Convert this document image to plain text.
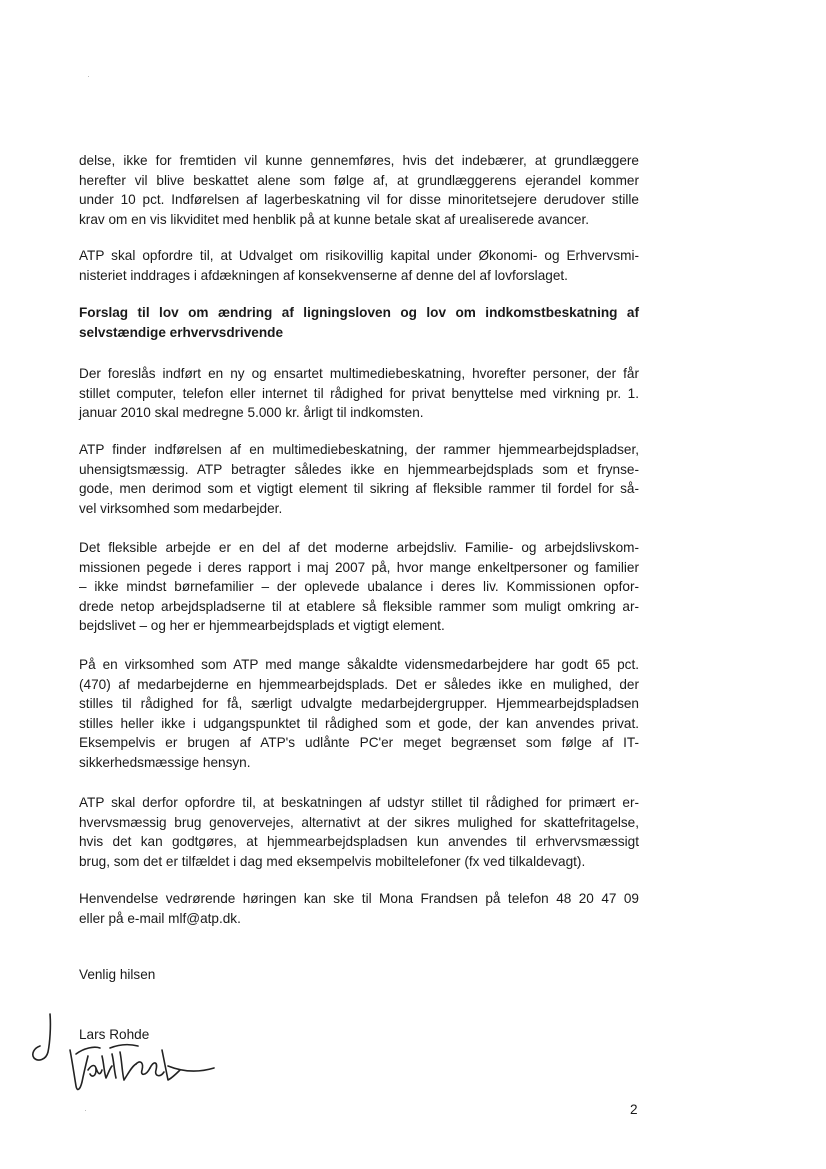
delse, ikke for fremtiden vil kunne gennemføres, hvis det indebærer, at grundlæggere
herefter vil blive beskattet alene som følge af, at grundlæggerens ejerandel kommer
under 10 pct. Indførelsen af lagerbeskatning vil for disse minoritetsejere derudover stille
krav om en vis likviditet med henblik på at kunne betale skat af urealiserede avancer.

ATP skal opfordre til, at Udvalget om risikovillig kapital under Økonomi- og Erhvervsmi-
nisteriet inddrages i afdækningen af konsekvenserne af denne del af lovforslaget.

Forslag til lov om ændring af ligningsloven og lov om indkomstbeskatning af
selvstændige erhvervsdrivende

Der foreslås indført en ny og ensartet multimediebeskatning, hvorefter personer, der får
stillet computer, telefon eller internet til rådighed for privat benyttelse med virkning pr. 1.
januar 2010 skal medregne 5.000 kr. årligt til indkomsten.

ATP finder indførelsen af en multimediebeskatning, der rammer hjemmearbejdspladser,
uhensigtsmæssig. ATP betragter således ikke en hjemmearbejdsplads som et frynse-
gode, men derimod som et vigtigt element til sikring af fleksible rammer til fordel for så-
vel virksomhed som medarbejder.

Det fleksible arbejde er en del af det moderne arbejdsliv. Familie- og arbejdslivskom-
missionen pegede i deres rapport i maj 2007 på, hvor mange enkeltpersoner og familier
– ikke mindst børnefamilier – der oplevede ubalance i deres liv. Kommissionen opfor-
drede netop arbejdspladserne til at etablere så fleksible rammer som muligt omkring ar-
bejdslivet – og her er hjemmearbejdsplads et vigtigt element.

På en virksomhed som ATP med mange såkaldte vidensmedarbejdere har godt 65 pct.
(470) af medarbejderne en hjemmearbejdsplads. Det er således ikke en mulighed, der
stilles til rådighed for få, særligt udvalgte medarbejdergrupper. Hjemmearbejdspladsen
stilles heller ikke i udgangspunktet til rådighed som et gode, der kan anvendes privat.
Eksempelvis er brugen af ATP's udlånte PC'er meget begrænset som følge af IT-
sikkerhedsmæssige hensyn.

ATP skal derfor opfordre til, at beskatningen af udstyr stillet til rådighed for primært er-
hvervsmæssig brug genovervejes, alternativt at der sikres mulighed for skattefritagelse,
hvis det kan godtgøres, at hjemmearbejdspladsen kun anvendes til erhvervsmæssigt
brug, som det er tilfældet i dag med eksempelvis mobiltelefoner (fx ved tilkaldevagt).

Henvendelse vedrørende høringen kan ske til Mona Frandsen på telefon 48 20 47 09
eller på e-mail mlf@atp.dk.

Venlig hilsen

Lars Rohde
2
